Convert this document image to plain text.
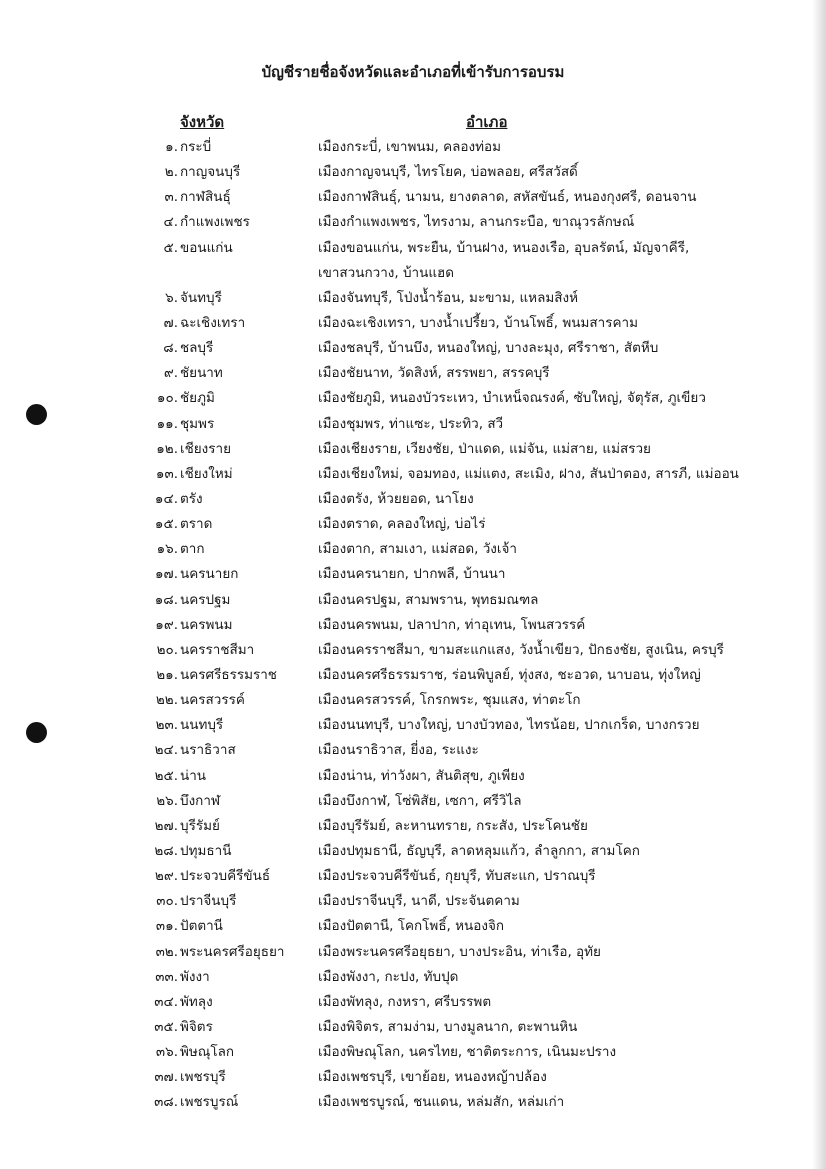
บัญชีรายชื่อจังหวัดและอำเภอที่เข้ารับการอบรม
จังหวัด	อำเภอ
๑. กระบี่	เมืองกระบี่, เขาพนม, คลองท่อม
๒. กาญจนบุรี	เมืองกาญจนบุรี, ไทรโยค, บ่อพลอย, ศรีสวัสดิ์
๓. กาฬสินธุ์	เมืองกาฬสินธุ์, นามน, ยางตลาด, สหัสขันธ์, หนองกุงศรี, ดอนจาน
๔. กำแพงเพชร	เมืองกำแพงเพชร, ไทรงาม, ลานกระบือ, ขาณุวรลักษณ์
๕. ขอนแก่น	เมืองขอนแก่น, พระยืน, บ้านฝาง, หนองเรือ, อุบลรัตน์, มัญจาคีรี,
เขาสวนกวาง, บ้านแฮด
๖. จันทบุรี	เมืองจันทบุรี, โป่งน้ำร้อน, มะขาม, แหลมสิงห์
๗. ฉะเชิงเทรา	เมืองฉะเชิงเทรา, บางน้ำเปรี้ยว, บ้านโพธิ์, พนมสารคาม
๘. ชลบุรี	เมืองชลบุรี, บ้านบึง, หนองใหญ่, บางละมุง, ศรีราชา, สัตหีบ
๙. ชัยนาท	เมืองชัยนาท, วัดสิงห์, สรรพยา, สรรคบุรี
๑๐. ชัยภูมิ	เมืองชัยภูมิ, หนองบัวระเหว, บำเหน็จณรงค์, ซับใหญ่, จัตุรัส, ภูเขียว
๑๑. ชุมพร	เมืองชุมพร, ท่าแซะ, ประทิว, สวี
๑๒. เชียงราย	เมืองเชียงราย, เวียงชัย, ป่าแดด, แม่จัน, แม่สาย, แม่สรวย
๑๓. เชียงใหม่	เมืองเชียงใหม่, จอมทอง, แม่แตง, สะเมิง, ฝาง, สันป่าตอง, สารภี, แม่ออน
๑๔. ตรัง	เมืองตรัง, ห้วยยอด, นาโยง
๑๕. ตราด	เมืองตราด, คลองใหญ่, บ่อไร่
๑๖. ตาก	เมืองตาก, สามเงา, แม่สอด, วังเจ้า
๑๗. นครนายก	เมืองนครนายก, ปากพลี, บ้านนา
๑๘. นครปฐม	เมืองนครปฐม, สามพราน, พุทธมณฑล
๑๙. นครพนม	เมืองนครพนม, ปลาปาก, ท่าอุเทน, โพนสวรรค์
๒๐. นครราชสีมา	เมืองนครราชสีมา, ขามสะแกแสง, วังน้ำเขียว, ปักธงชัย, สูงเนิน, ครบุรี
๒๑. นครศรีธรรมราช	เมืองนครศรีธรรมราช, ร่อนพิบูลย์, ทุ่งสง, ชะอวด, นาบอน, ทุ่งใหญ่
๒๒. นครสวรรค์	เมืองนครสวรรค์, โกรกพระ, ชุมแสง, ท่าตะโก
๒๓. นนทบุรี	เมืองนนทบุรี, บางใหญ่, บางบัวทอง, ไทรน้อย, ปากเกร็ด, บางกรวย
๒๔. นราธิวาส	เมืองนราธิวาส, ยี่งอ, ระแงะ
๒๕. น่าน	เมืองน่าน, ท่าวังผา, สันติสุข, ภูเพียง
๒๖. บึงกาฬ	เมืองบึงกาฬ, โซ่พิสัย, เซกา, ศรีวิไล
๒๗. บุรีรัมย์	เมืองบุรีรัมย์, ละหานทราย, กระสัง, ประโคนชัย
๒๘. ปทุมธานี	เมืองปทุมธานี, ธัญบุรี, ลาดหลุมแก้ว, ลำลูกกา, สามโคก
๒๙. ประจวบคีรีขันธ์	เมืองประจวบคีรีขันธ์, กุยบุรี, ทับสะแก, ปราณบุรี
๓๐. ปราจีนบุรี	เมืองปราจีนบุรี, นาดี, ประจันตคาม
๓๑. ปัตตานี	เมืองปัตตานี, โคกโพธิ์, หนองจิก
๓๒. พระนครศรีอยุธยา เมืองพระนครศรีอยุธยา, บางประอิน, ท่าเรือ, อุทัย
๓๓. พังงา	เมืองพังงา, กะปง, ทับปุด
๓๔. พัทลุง	เมืองพัทลุง, กงหรา, ศรีบรรพต
๓๕. พิจิตร	เมืองพิจิตร, สามง่าม, บางมูลนาก, ตะพานหิน
๓๖. พิษณุโลก	เมืองพิษณุโลก, นครไทย, ชาติตระการ, เนินมะปราง
๓๗. เพชรบุรี	เมืองเพชรบุรี, เขาย้อย, หนองหญ้าปล้อง
๓๘. เพชรบูรณ์	เมืองเพชรบูรณ์, ชนแดน, หล่มสัก, หล่มเก่า
